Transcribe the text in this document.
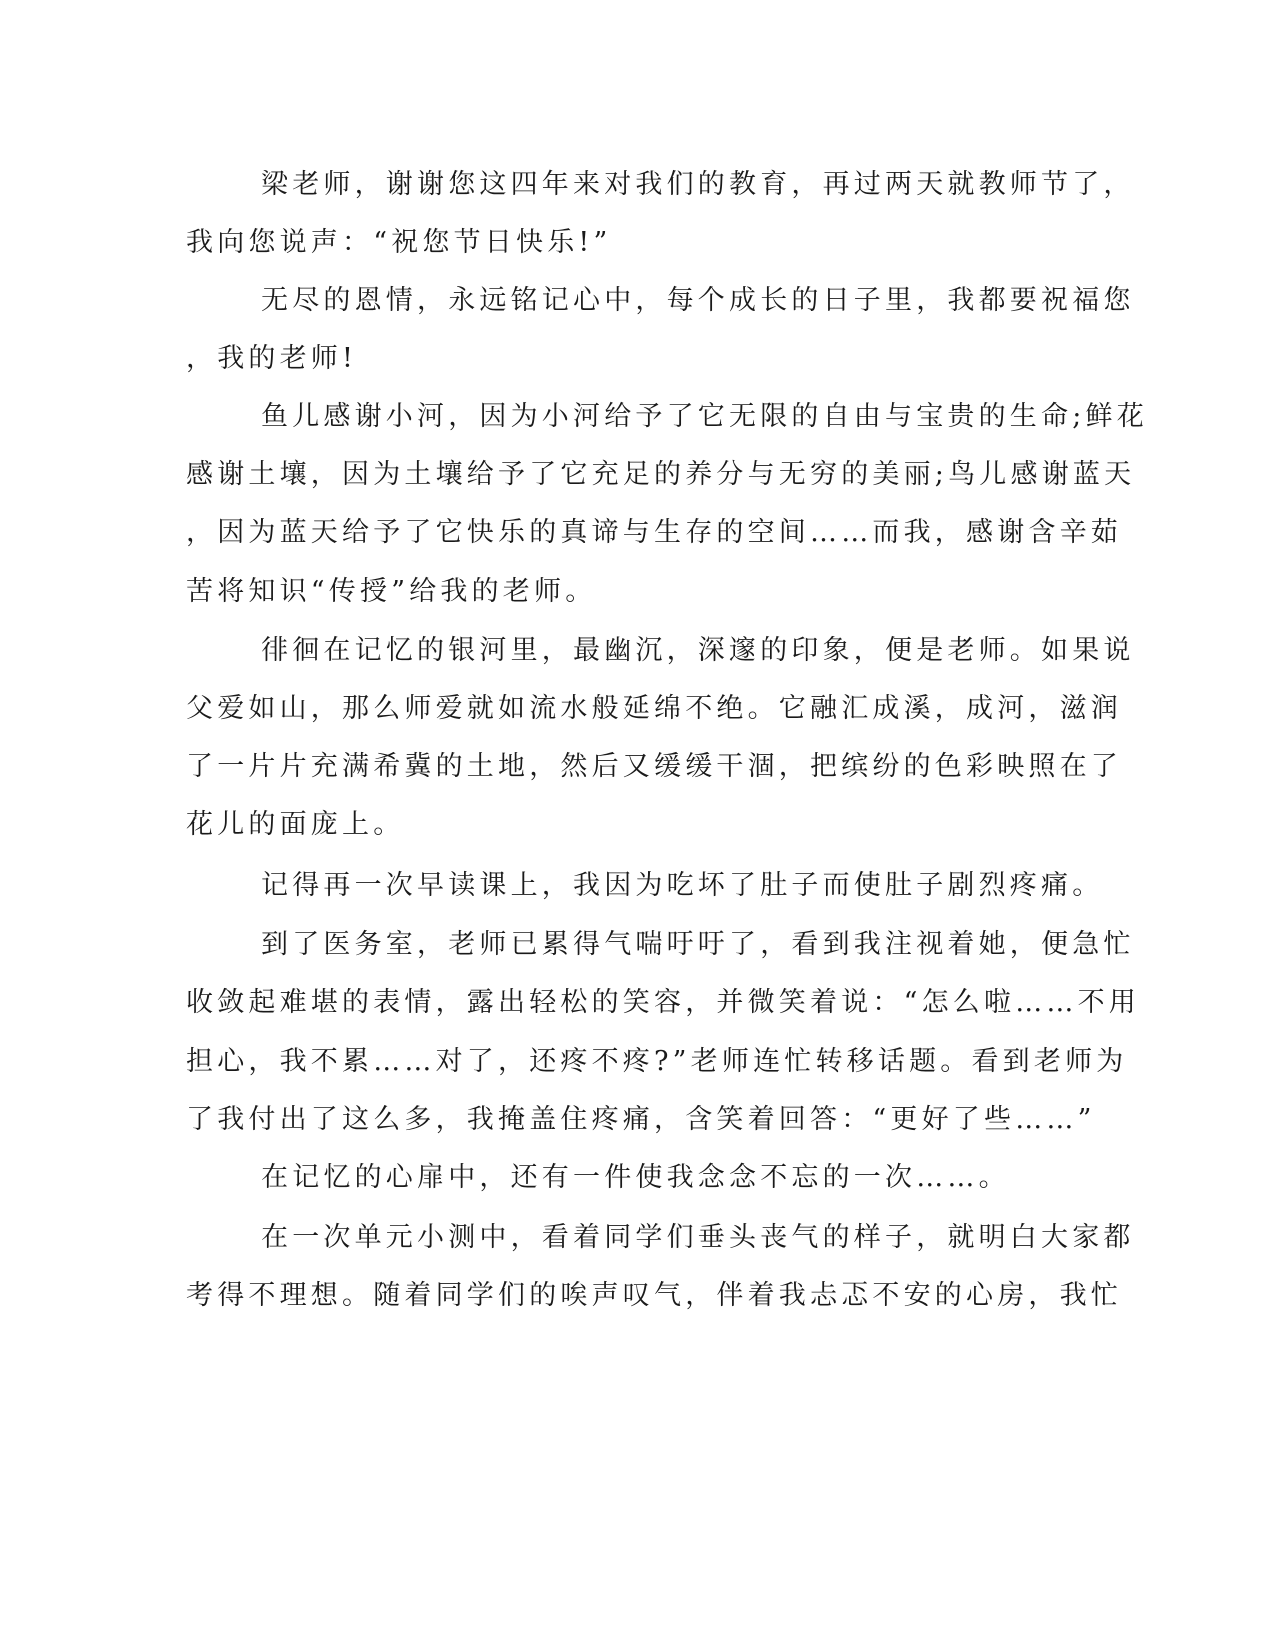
梁老师，谢谢您这四年来对我们的教育，再过两天就教师节了，
我向您说声：“祝您节日快乐!”
无尽的恩情，永远铭记心中，每个成长的日子里，我都要祝福您
，我的老师!
鱼儿感谢小河，因为小河给予了它无限的自由与宝贵的生命;鲜花
感谢土壤，因为土壤给予了它充足的养分与无穷的美丽;鸟儿感谢蓝天
，因为蓝天给予了它快乐的真谛与生存的空间……而我，感谢含辛茹
苦将知识“传授”给我的老师。
徘徊在记忆的银河里，最幽沉，深邃的印象，便是老师。如果说
父爱如山，那么师爱就如流水般延绵不绝。它融汇成溪，成河，滋润
了一片片充满希冀的土地，然后又缓缓干涸，把缤纷的色彩映照在了
花儿的面庞上。
记得再一次早读课上，我因为吃坏了肚子而使肚子剧烈疼痛。
到了医务室，老师已累得气喘吁吁了，看到我注视着她，便急忙
收敛起难堪的表情，露出轻松的笑容，并微笑着说：“怎么啦……不用
担心，我不累……对了，还疼不疼?”老师连忙转移话题。看到老师为
了我付出了这么多，我掩盖住疼痛，含笑着回答：“更好了些……”
在记忆的心扉中，还有一件使我念念不忘的一次……。
在一次单元小测中，看着同学们垂头丧气的样子，就明白大家都
考得不理想。随着同学们的唉声叹气，伴着我忐忑不安的心房，我忙
